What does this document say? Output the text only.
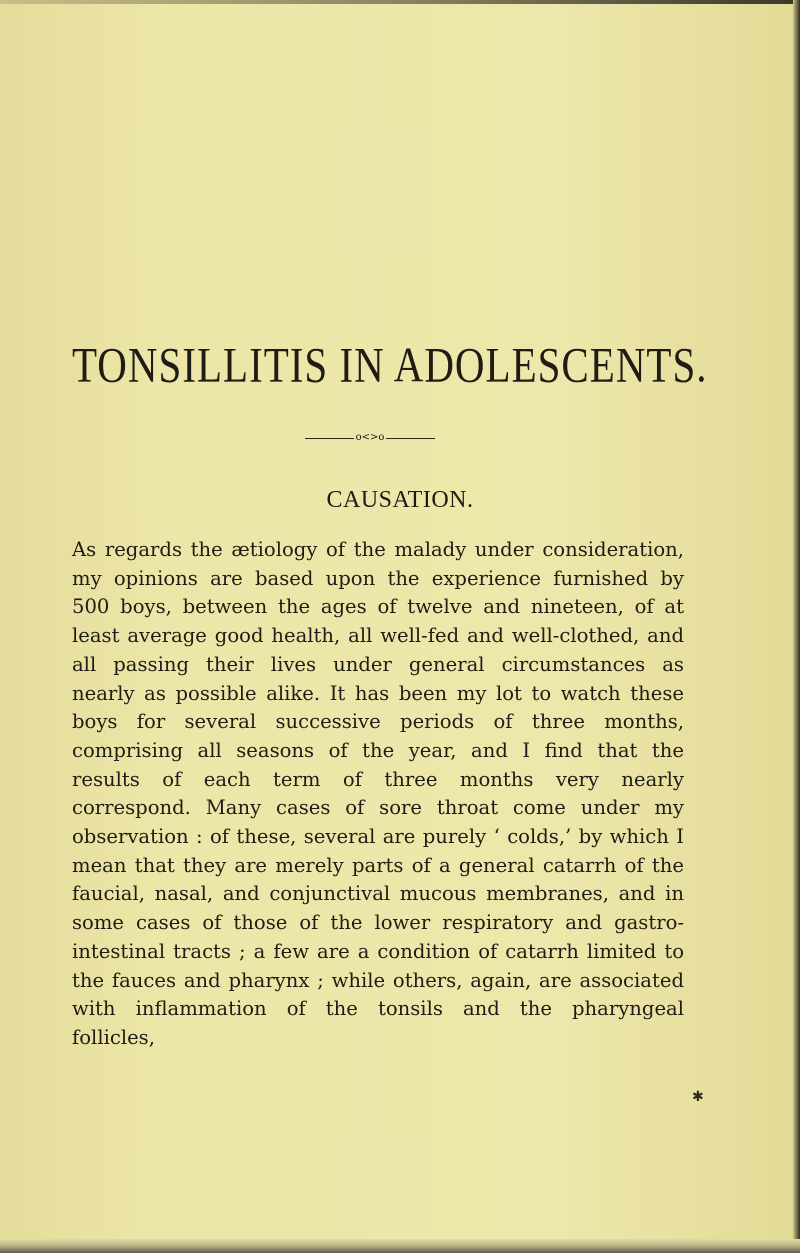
TONSILLITIS IN ADOLESCENTS.
o<>o
CAUSATION.

As regards the ætiology of the malady under consideration, my opinions are based upon the experience furnished by 500 boys, between the ages of twelve and nineteen, of at least average good health, all well-fed and well-clothed, and all passing their lives under general circumstances as nearly as possible alike. It has been my lot to watch these boys for several successive periods of three months, comprising all seasons of the year, and I find that the results of each term of three months very nearly correspond. Many cases of sore throat come under my observation : of these, several are purely ‘ colds,’ by which I mean that they are merely parts of a general catarrh of the faucial, nasal, and conjunctival mucous membranes, and in some cases of those of the lower respiratory and gastro-intestinal tracts ; a few are a condition of catarrh limited to the fauces and pharynx ; while others, again, are associated with inflammation of the tonsils and the pharyngeal follicles,

✱
